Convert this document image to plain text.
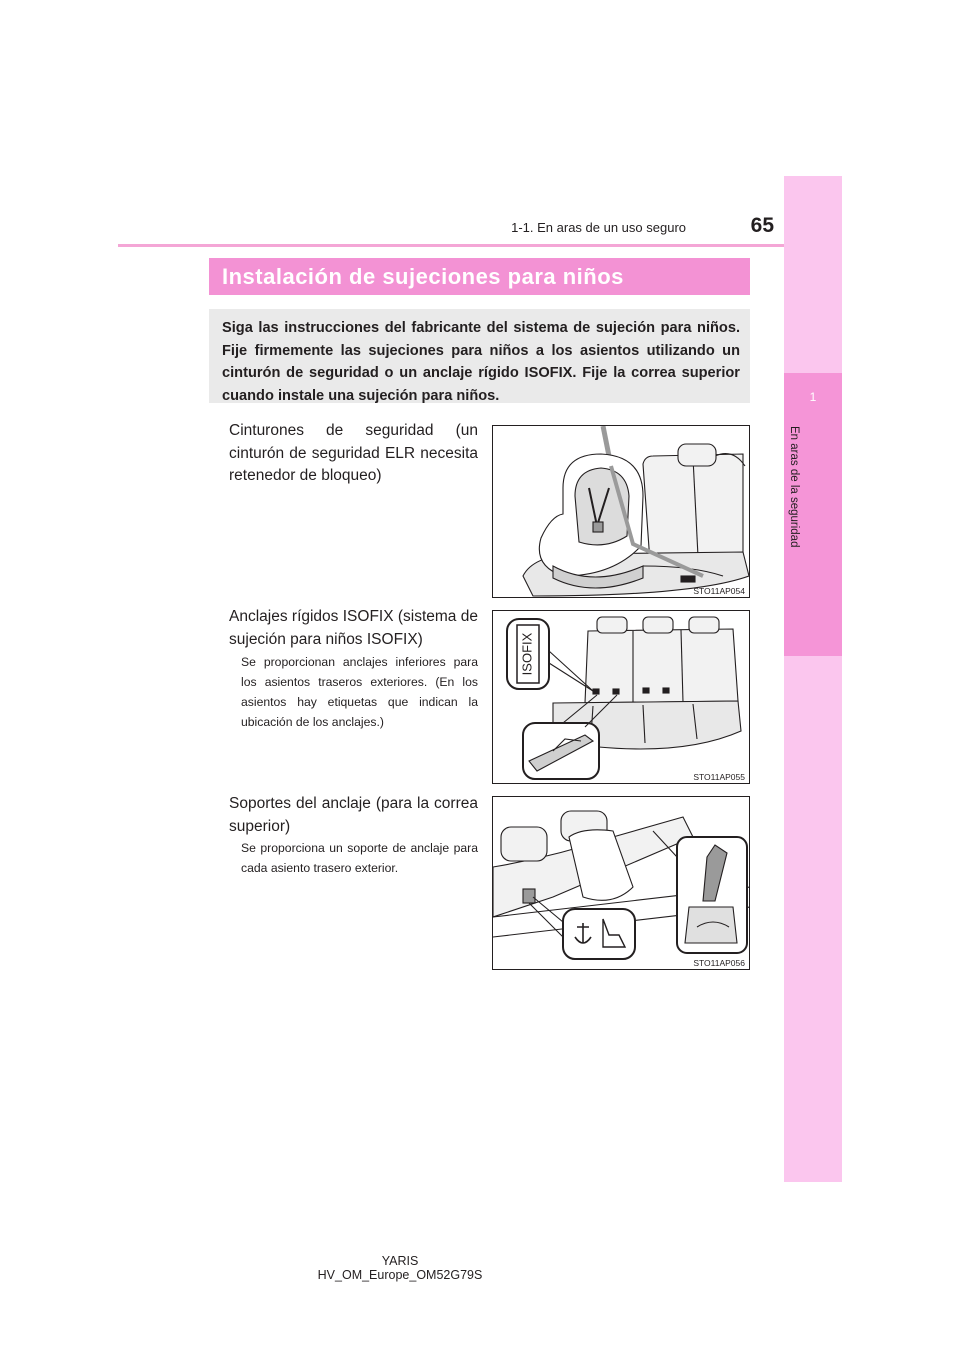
1-1. En aras de un uso seguro	65
1
En aras de la seguridad
Instalación de sujeciones para niños

Siga las instrucciones del fabricante del sistema de sujeción para niños. Fije firmemente las sujeciones para niños a los asientos utilizando un cinturón de seguridad o un anclaje rígido ISOFIX. Fije la correa superior cuando instale una sujeción para niños.

Cinturones de seguridad (un cinturón de seguridad ELR necesita retenedor de bloqueo)

STO11AP054

Anclajes rígidos ISOFIX (sistema de sujeción para niños ISOFIX)

Se proporcionan anclajes inferiores para los asientos traseros exteriores. (En los asientos hay etiquetas que indican la ubicación de los anclajes.)

ISOFIX
STO11AP055

Soportes del anclaje (para la correa superior)

Se proporciona un soporte de anclaje para cada asiento trasero exterior.

STO11AP056
YARIS HV_OM_Europe_OM52G79S
